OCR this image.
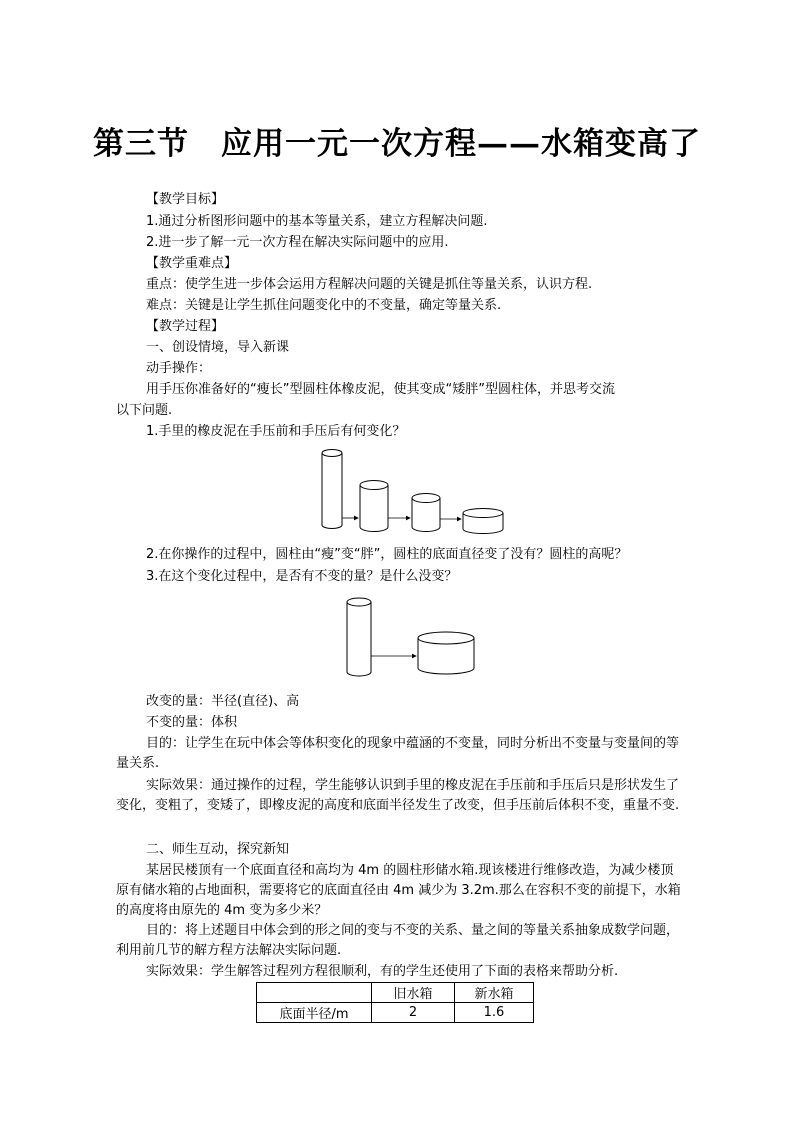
第三节　应用一元一次方程——水箱变高了
【教学目标】
1.通过分析图形问题中的基本等量关系，建立方程解决问题.
2.进一步了解一元一次方程在解决实际问题中的应用.
【教学重难点】
重点：使学生进一步体会运用方程解决问题的关键是抓住等量关系，认识方程.
难点：关键是让学生抓住问题变化中的不变量，确定等量关系.
【教学过程】
一、创设情境，导入新课
动手操作：
用手压你准备好的“瘦长”型圆柱体橡皮泥，使其变成“矮胖”型圆柱体，并思考交流
以下问题.
1.手里的橡皮泥在手压前和手压后有何变化？
2.在你操作的过程中，圆柱由“瘦”变“胖”，圆柱的底面直径变了没有？圆柱的高呢？
3.在这个变化过程中，是否有不变的量？是什么没变？
改变的量：半径(直径)、高
不变的量：体积
目的：让学生在玩中体会等体积变化的现象中蕴涵的不变量，同时分析出不变量与变量间的等量关系.
实际效果：通过操作的过程，学生能够认识到手里的橡皮泥在手压前和手压后只是形状发生了变化，变粗了，变矮了，即橡皮泥的高度和底面半径发生了改变，但手压前后体积不变，重量不变.
二、师生互动，探究新知
某居民楼顶有一个底面直径和高均为 4m 的圆柱形储水箱.现该楼进行维修改造，为减少楼顶原有储水箱的占地面积，需要将它的底面直径由 4m 减少为 3.2m.那么在容积不变的前提下，水箱的高度将由原先的 4m 变为多少米？
目的：将上述题目中体会到的形之间的变与不变的关系、量之间的等量关系抽象成数学问题，利用前几节的解方程方法解决实际问题.
实际效果：学生解答过程列方程很顺利，有的学生还使用了下面的表格来帮助分析.
	旧水箱	新水箱
底面半径/m	2	1.6
